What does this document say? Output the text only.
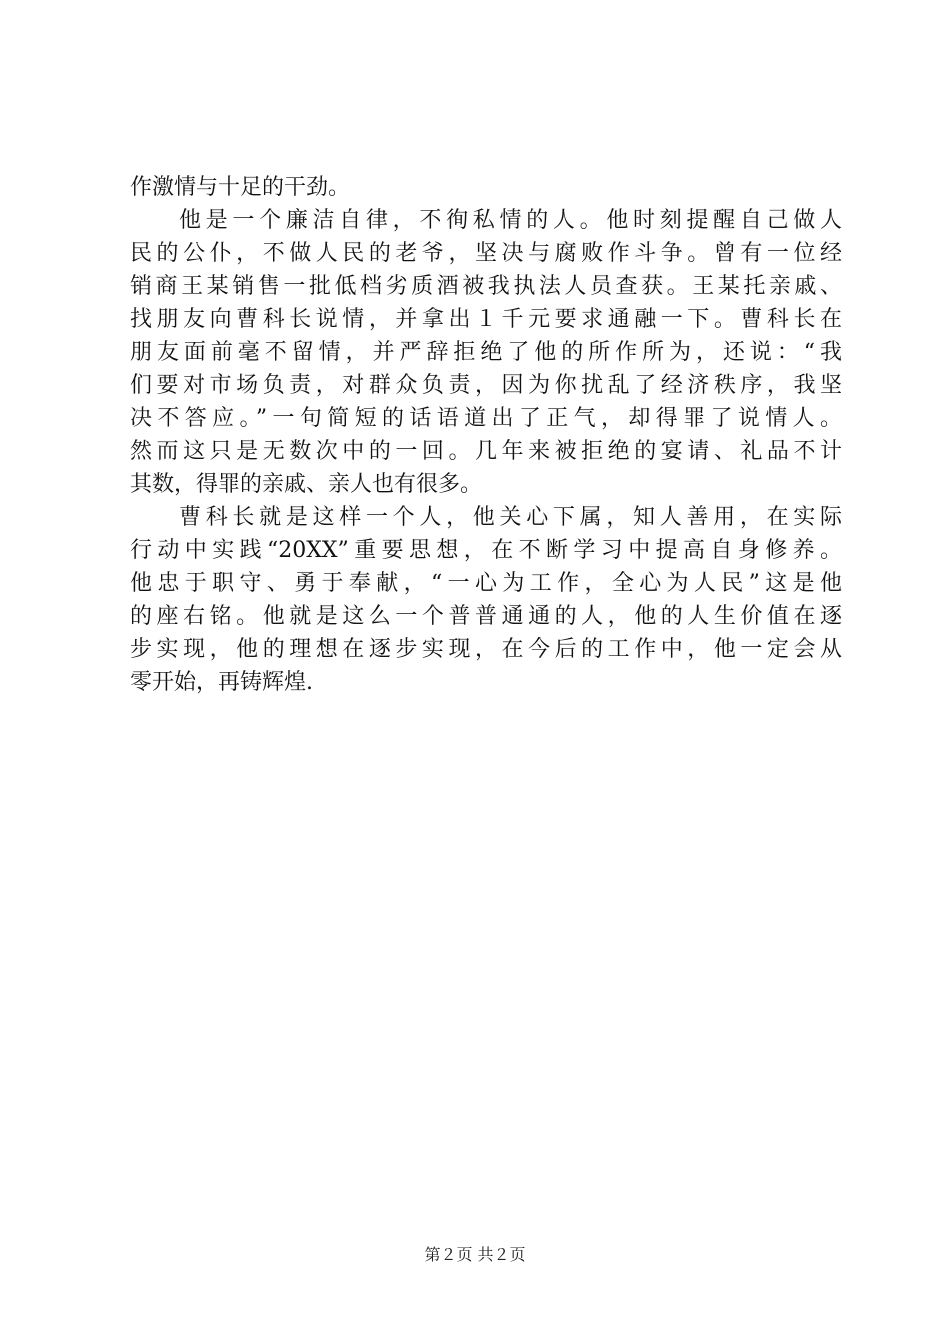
作激情与十足的干劲。
他是一个廉洁自律，不徇私情的人。他时刻提醒自己做人
民的公仆，不做人民的老爷，坚决与腐败作斗争。曾有一位经
销商王某销售一批低档劣质酒被我执法人员查获。王某托亲戚、
找朋友向曹科长说情，并拿出１千元要求通融一下。曹科长在
朋友面前毫不留情，并严辞拒绝了他的所作所为，还说：“我
们要对市场负责，对群众负责，因为你扰乱了经济秩序，我坚
决不答应。”一句简短的话语道出了正气，却得罪了说情人。
然而这只是无数次中的一回。几年来被拒绝的宴请、礼品不计
其数，得罪的亲戚、亲人也有很多。
曹科长就是这样一个人，他关心下属，知人善用，在实际
行动中实践“20XX”重要思想，在不断学习中提高自身修养。
他忠于职守、勇于奉献，“一心为工作，全心为人民”这是他
的座右铭。他就是这么一个普普通通的人，他的人生价值在逐
步实现，他的理想在逐步实现，在今后的工作中，他一定会从
零开始，再铸辉煌.
第２页 共２页
